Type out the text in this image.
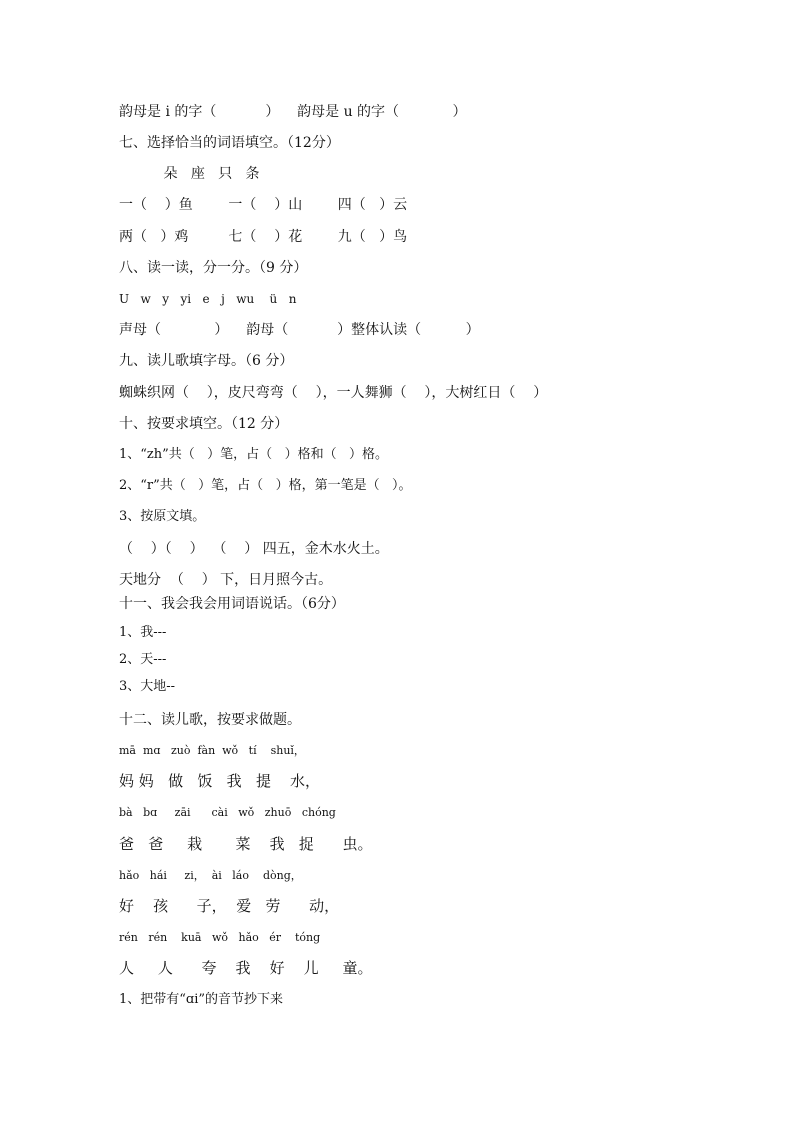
韵母是 i 的字（           ）    韵母是 u 的字（            ）
七、选择恰当的词语填空。（12分）
朵   座   只   条
一（    ）鱼        一（    ）山        四（   ）云
两（   ）鸡         七（    ）花        九（   ）鸟
八、读一读，分一分。（9 分）
U   w   y   yi   e   j   wu    ü   n
声母（            ）    韵母（           ）整体认读（          ）
九、读儿歌填字母。（6 分）
蜘蛛织网（    ），皮尺弯弯（    ），一人舞狮（    ），大树红日（    ）
十、按要求填空。（12 分）
1、“zh”共（   ）笔，占（   ）格和（   ）格。
2、“r”共（   ）笔，占（   ）格，第一笔是（   ）。
3、按原文填。
（    ）（    ）  （    ） 四五，金木水火土。
天地分  （    ） 下，日月照今古。
十一、我会我会用词语说话。（6分）
1、我---
2、天---
3、大地--
十二、读儿歌，按要求做题。
mā  mɑ   zuò  fàn  wǒ   tí    shuǐ，
妈 妈   做   饭   我   提    水，
bà   bɑ     zāi      cài   wǒ   zhuō   chóng
爸   爸     栽       菜    我   捉      虫。
hǎo   hái     zi，  ài   láo    dòng，
好    孩      子，  爱   劳      动，
rén   rén    kuā   wǒ   hǎo   ér    tóng
人     人      夸    我    好    儿     童。
1、把带有“ɑi”的音节抄下来
